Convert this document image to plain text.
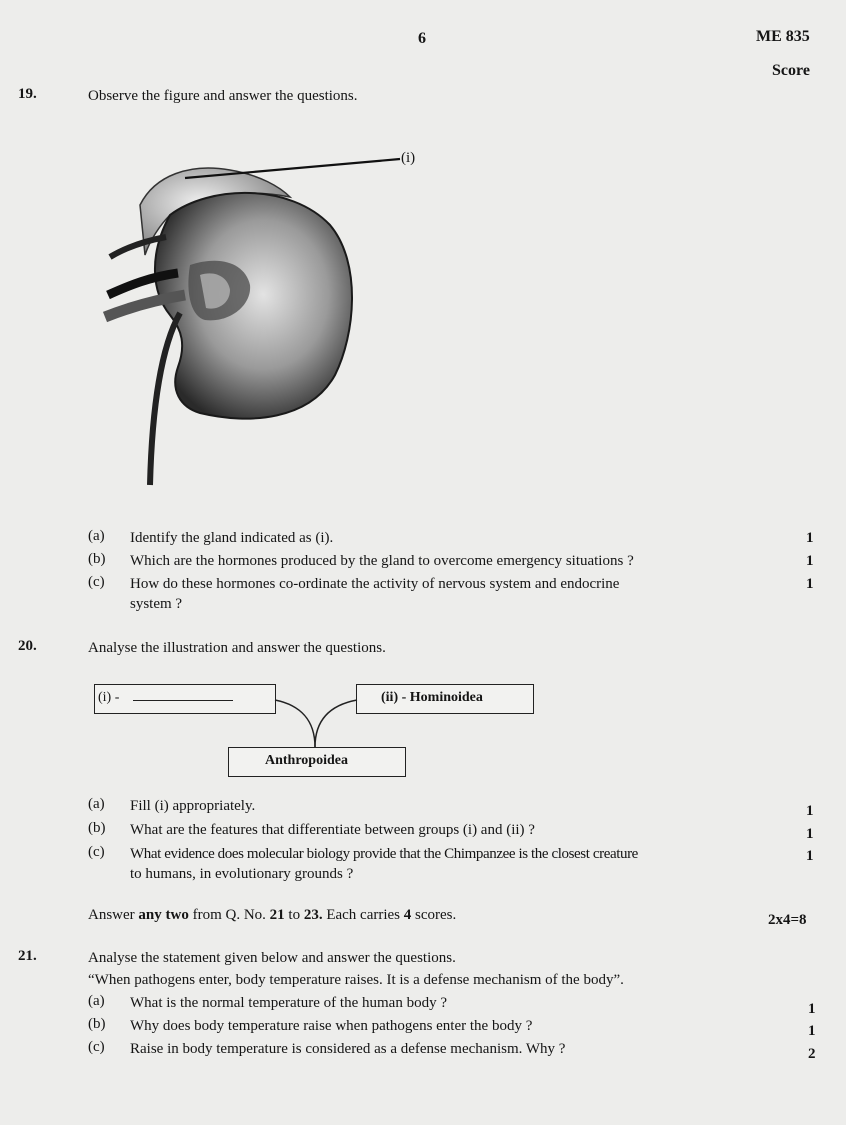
6	ME 835
Score
19.	Observe the figure and answer the questions.
(i)
(a) Identify the gland indicated as (i).	1
(b) Which are the hormones produced by the gland to overcome emergency situations ?	1
(c) How do these hormones co-ordinate the activity of nervous system and endocrine
system ?
1
20.	Analyse the illustration and answer the questions.
(i) -	(ii) - Hominoidea
Anthropoidea
(a) Fill (i) appropriately.	1
(b) What are the features that differentiate between groups (i) and (ii) ?	1
(c) What evidence does molecular biology provide that the Chimpanzee is the closest creature
to humans, in evolutionary grounds ?
1
Answer any two from Q. No. 21 to 23. Each carries 4 scores.	2x4=8
21.	Analyse the statement given below and answer the questions.
“When pathogens enter, body temperature raises. It is a defense mechanism of the body”.
(a) What is the normal temperature of the human body ?	1
(b) Why does body temperature raise when pathogens enter the body ?	1
(c) Raise in body temperature is considered as a defense mechanism. Why ?	2
